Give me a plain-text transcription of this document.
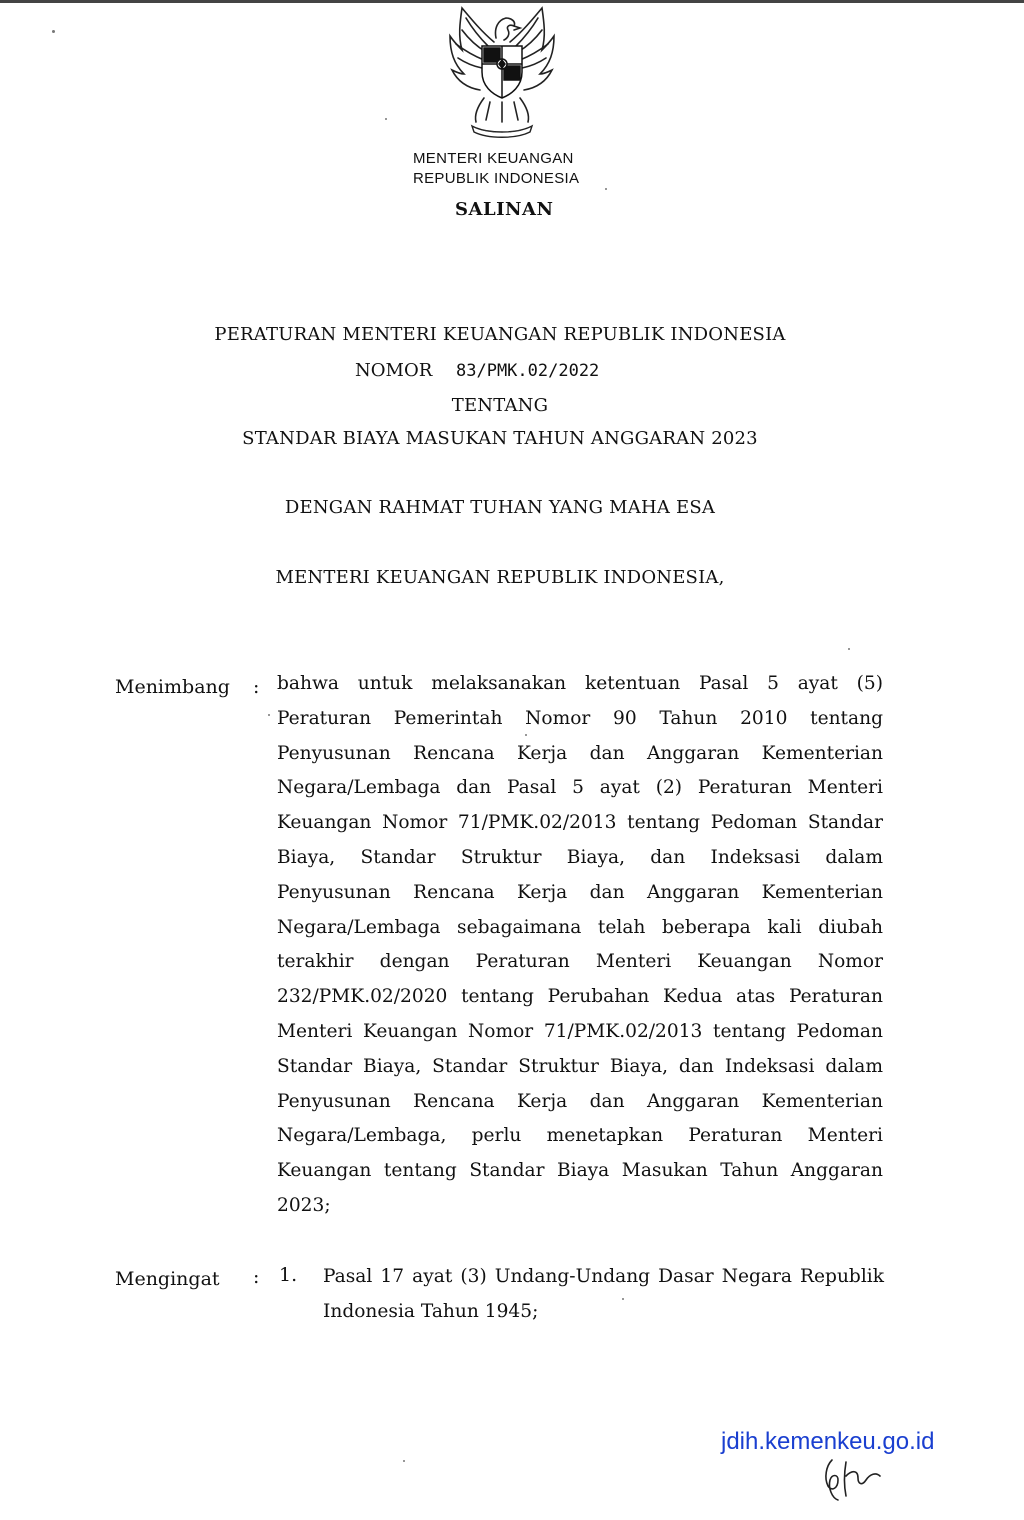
MENTERI KEUANGAN
REPUBLIK INDONESIA
SALINAN
PERATURAN MENTERI KEUANGAN REPUBLIK INDONESIA
NOMOR 83/PMK.02/2022
TENTANG
STANDAR BIAYA MASUKAN TAHUN ANGGARAN 2023
DENGAN RAHMAT TUHAN YANG MAHA ESA
MENTERI KEUANGAN REPUBLIK INDONESIA,
Menimbang : bahwa untuk melaksanakan ketentuan Pasal 5 ayat (5)
Peraturan Pemerintah Nomor 90 Tahun 2010 tentang
Penyusunan Rencana Kerja dan Anggaran Kementerian
Negara/Lembaga dan Pasal 5 ayat (2) Peraturan Menteri
Keuangan Nomor 71/PMK.02/2013 tentang Pedoman Standar
Biaya, Standar Struktur Biaya, dan Indeksasi dalam
Penyusunan Rencana Kerja dan Anggaran Kementerian
Negara/Lembaga sebagaimana telah beberapa kali diubah
terakhir dengan Peraturan Menteri Keuangan Nomor
232/PMK.02/2020 tentang Perubahan Kedua atas Peraturan
Menteri Keuangan Nomor 71/PMK.02/2013 tentang Pedoman
Standar Biaya, Standar Struktur Biaya, dan Indeksasi dalam
Penyusunan Rencana Kerja dan Anggaran Kementerian
Negara/Lembaga, perlu menetapkan Peraturan Menteri
Keuangan tentang Standar Biaya Masukan Tahun Anggaran
2023;
Mengingat : 1. Pasal 17 ayat (3) Undang-Undang Dasar Negara Republik
Indonesia Tahun 1945;
jdih.kemenkeu.go.id
